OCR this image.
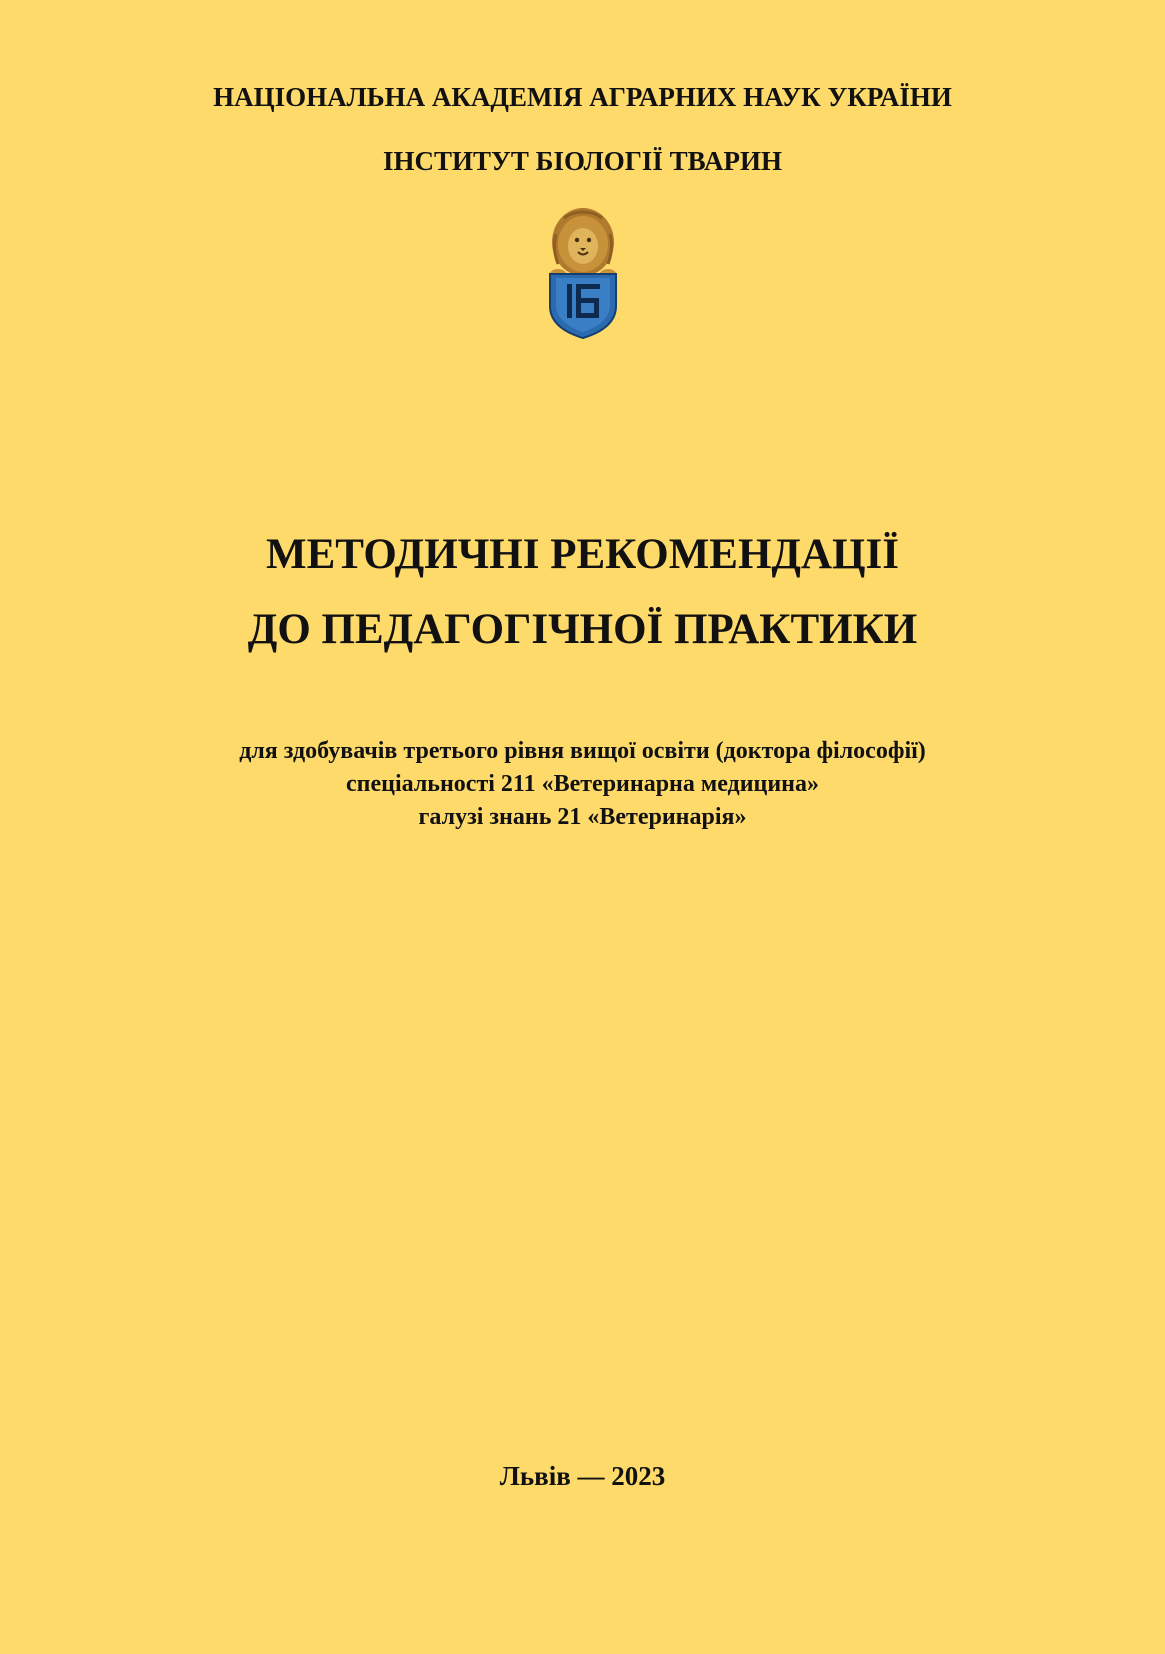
НАЦІОНАЛЬНА АКАДЕМІЯ АГРАРНИХ НАУК УКРАЇНИ
ІНСТИТУТ БІОЛОГІЇ ТВАРИН
МЕТОДИЧНІ РЕКОМЕНДАЦІЇ
ДО ПЕДАГОГІЧНОЇ ПРАКТИКИ
для здобувачів третього рівня вищої освіти (доктора філософії)
спеціальності 211 «Ветеринарна медицина»
галузі знань 21 «Ветеринарія»
Львів — 2023
